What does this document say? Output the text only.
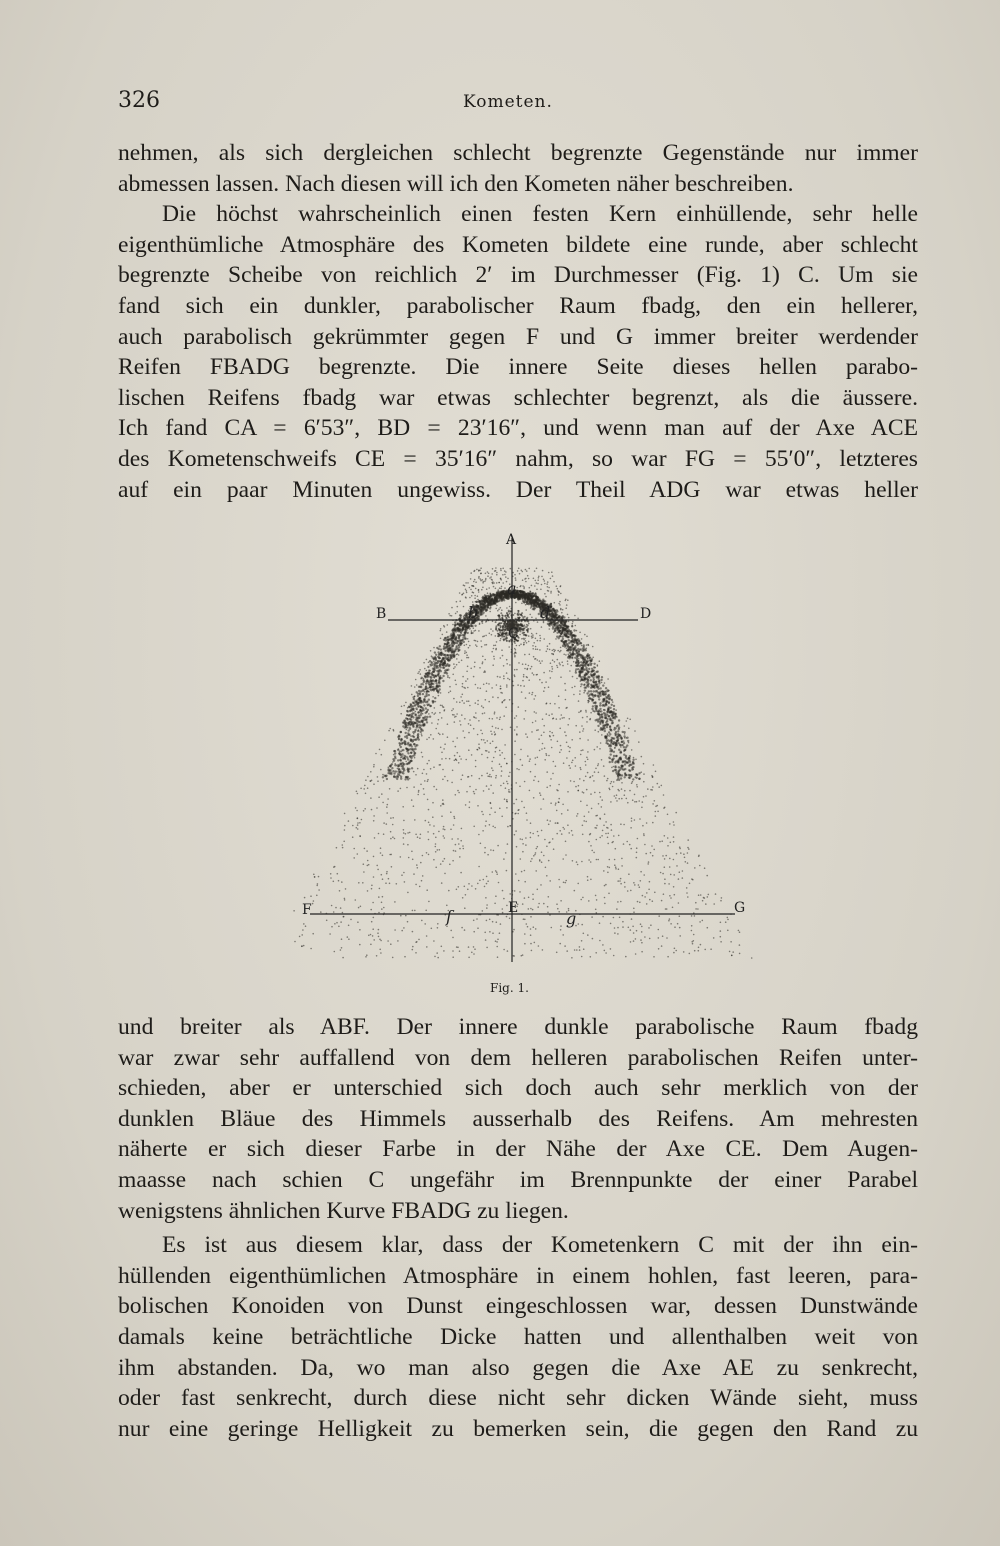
326	Kometen.

nehmen, als sich dergleichen schlecht begrenzte Gegenstände nur immer
abmessen lassen. Nach diesen will ich den Kometen näher beschreiben.

Die höchst wahrscheinlich einen festen Kern einhüllende, sehr helle
eigenthümliche Atmosphäre des Kometen bildete eine runde, aber schlecht
begrenzte Scheibe von reichlich 2′ im Durchmesser (Fig. 1) C. Um sie
fand sich ein dunkler, parabolischer Raum fbadg, den ein hellerer,
auch parabolisch gekrümmter gegen F und G immer breiter werdender
Reifen FBADG begrenzte. Die innere Seite dieses hellen parabo-
lischen Reifens fbadg war etwas schlechter begrenzt, als die äussere.
Ich fand CA = 6′53″, BD = 23′16″, und wenn man auf der Axe ACE
des Kometenschweifs CE = 35′16″ nahm, so war FG = 55′0″, letzteres
auf ein paar Minuten ungewiss. Der Theil ADG war etwas heller

A
B
C
D
E
F	G
a
b	d
f	g
Fig. 1.

und breiter als ABF. Der innere dunkle parabolische Raum fbadg
war zwar sehr auffallend von dem helleren parabolischen Reifen unter-
schieden, aber er unterschied sich doch auch sehr merklich von der
dunklen Bläue des Himmels ausserhalb des Reifens. Am mehresten
näherte er sich dieser Farbe in der Nähe der Axe CE. Dem Augen-
maasse nach schien C ungefähr im Brennpunkte der einer Parabel
wenigstens ähnlichen Kurve FBADG zu liegen.

Es ist aus diesem klar, dass der Kometenkern C mit der ihn ein-
hüllenden eigenthümlichen Atmosphäre in einem hohlen, fast leeren, para-
bolischen Konoiden von Dunst eingeschlossen war, dessen Dunstwände
damals keine beträchtliche Dicke hatten und allenthalben weit von
ihm abstanden. Da, wo man also gegen die Axe AE zu senkrecht,
oder fast senkrecht, durch diese nicht sehr dicken Wände sieht, muss
nur eine geringe Helligkeit zu bemerken sein, die gegen den Rand zu
